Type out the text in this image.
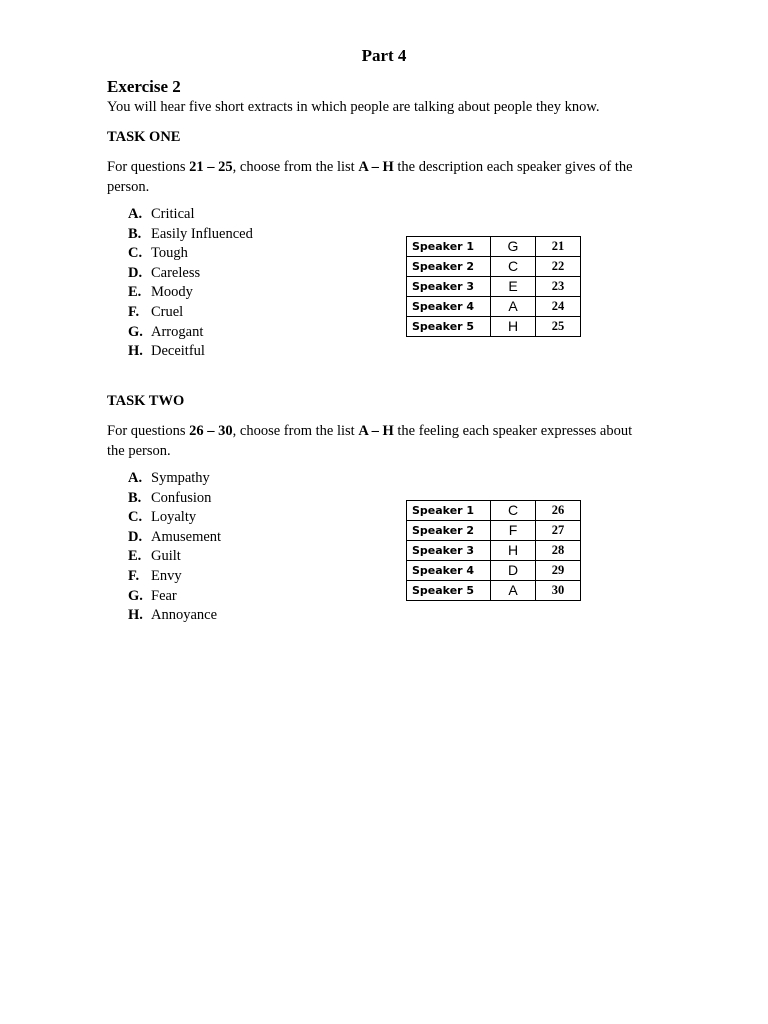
Part 4
Exercise 2
You will hear five short extracts in which people are talking about people they know.
TASK ONE
For questions 21 – 25, choose from the list A – H the description each speaker gives of the person.
A. Critical
B. Easily Influenced
C. Tough
D. Careless
E. Moody
F. Cruel
G. Arrogant
H. Deceitful
Speaker 1	G	21
Speaker 2	C	22
Speaker 3	E	23
Speaker 4	A	24
Speaker 5	H	25
TASK TWO
For questions 26 – 30, choose from the list A – H the feeling each speaker expresses about the person.
A. Sympathy
B. Confusion
C. Loyalty
D. Amusement
E. Guilt
F. Envy
G. Fear
H. Annoyance
Speaker 1	C	26
Speaker 2	F	27
Speaker 3	H	28
Speaker 4	D	29
Speaker 5	A	30
